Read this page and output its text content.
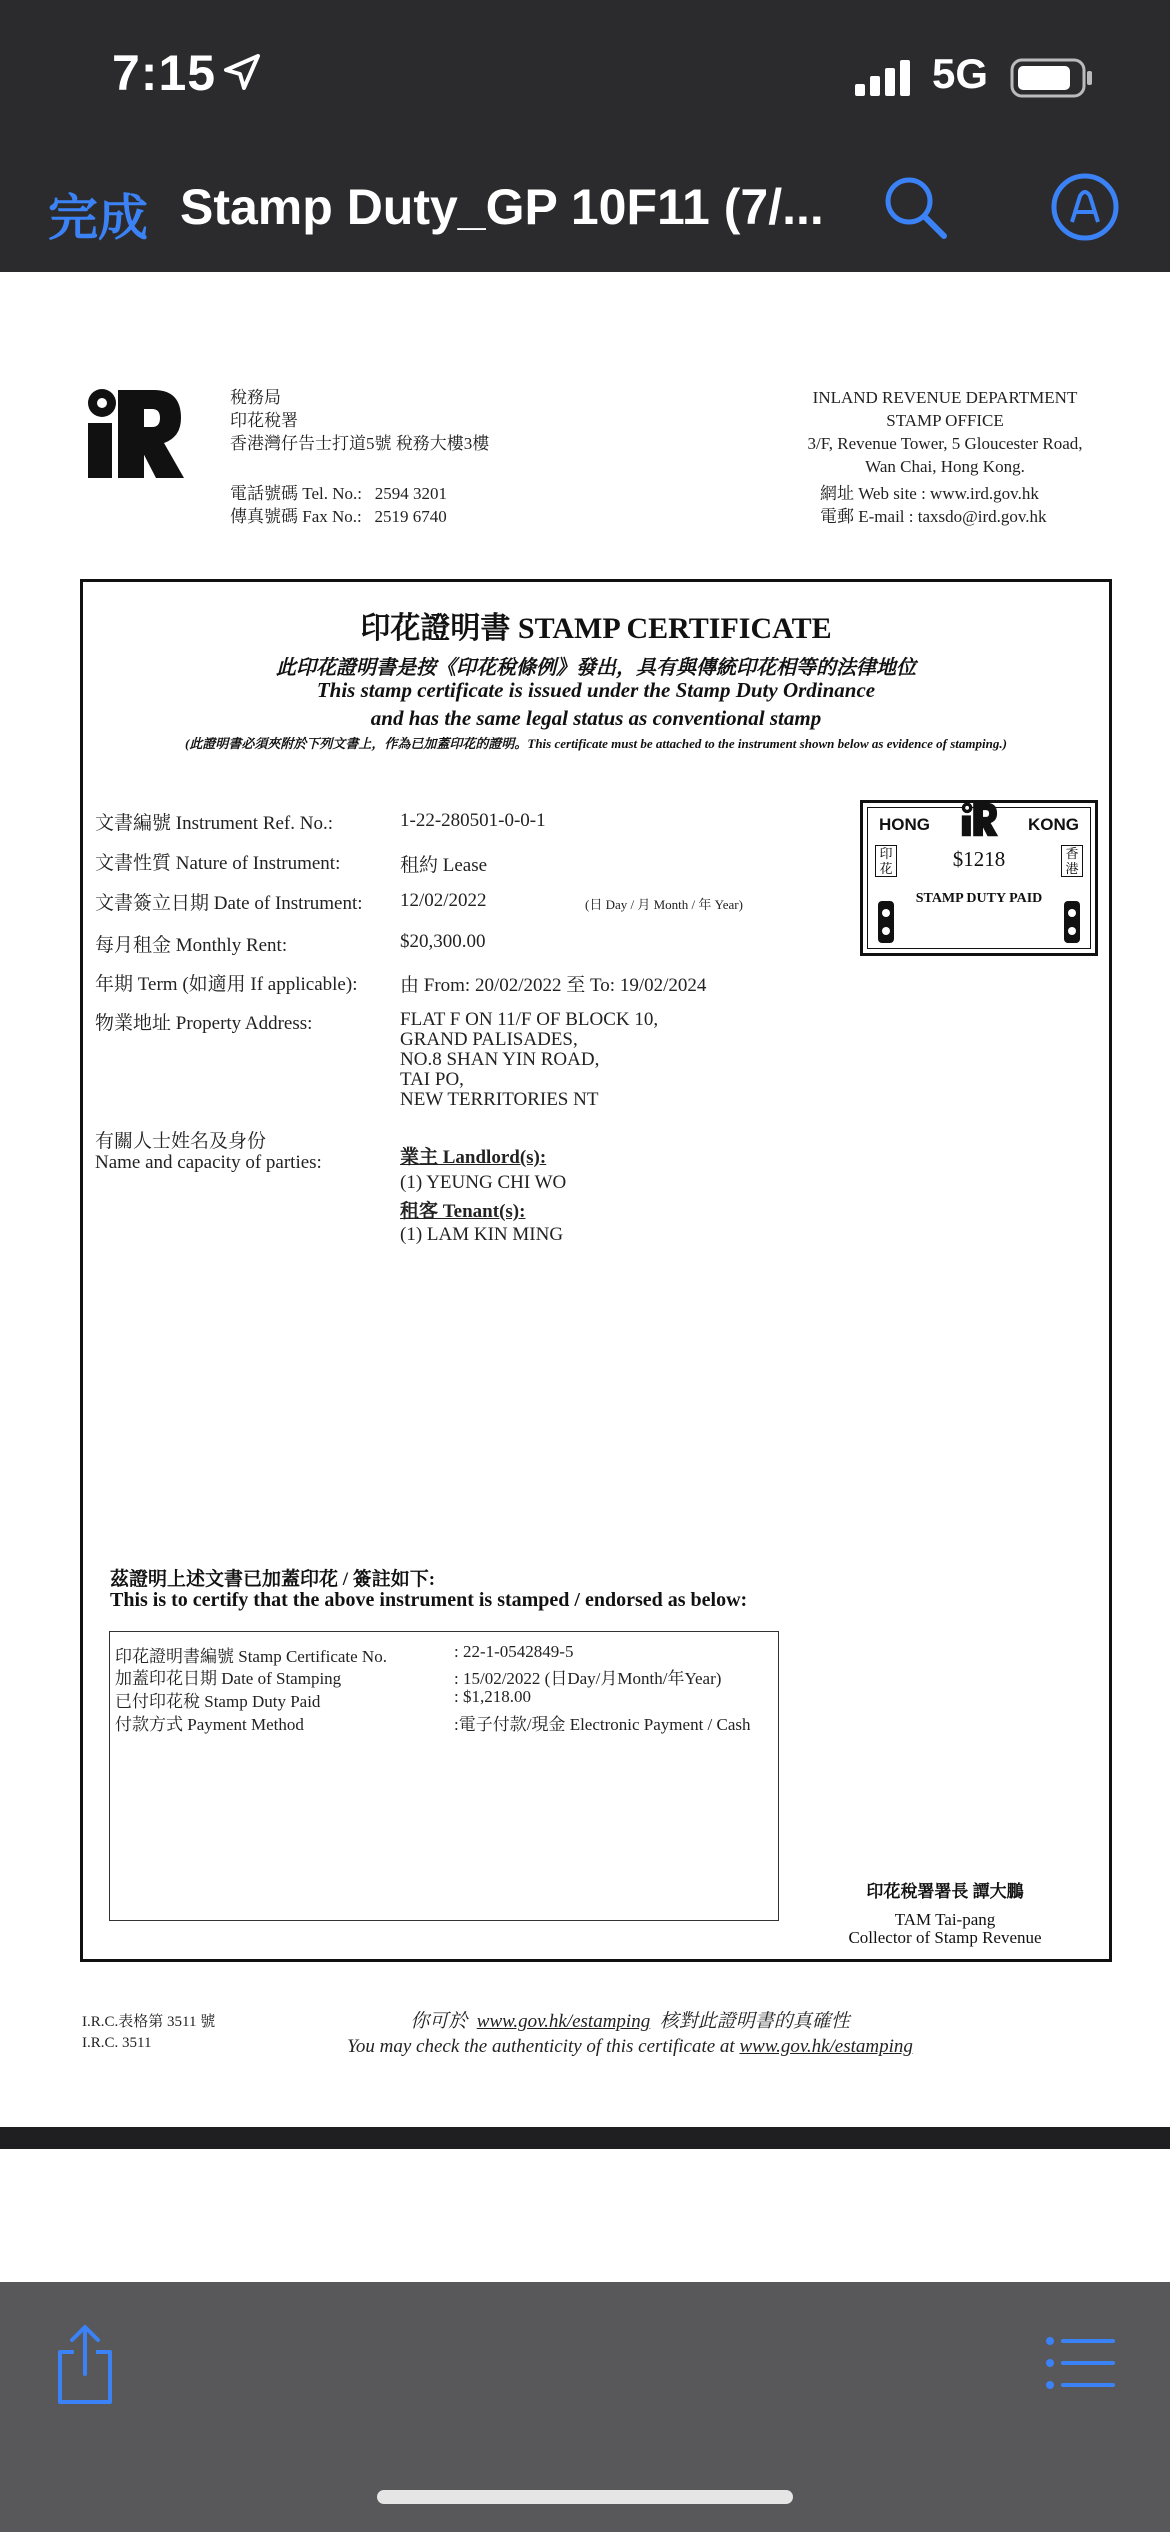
7:15	5G
完成 Stamp Duty_GP 10F11 (7/...
稅務局
印花稅署
香港灣仔告士打道5號 稅務大樓3樓
電話號碼 Tel. No.: 2594 3201
傳真號碼 Fax No.: 2519 6740
INLAND REVENUE DEPARTMENT
STAMP OFFICE
3/F, Revenue Tower, 5 Gloucester Road,
Wan Chai, Hong Kong.
網址 Web site : www.ird.gov.hk
電郵 E-mail : taxsdo@ird.gov.hk
印花證明書 STAMP CERTIFICATE
此印花證明書是按《印花稅條例》發出，具有與傳統印花相等的法律地位
This stamp certificate is issued under the Stamp Duty Ordinance
and has the same legal status as conventional stamp
(此證明書必須夾附於下列文書上，作為已加蓋印花的證明。This certificate must be attached to the instrument shown below as evidence of stamping.)
文書編號 Instrument Ref. No.:	1-22-280501-0-0-1
文書性質 Nature of Instrument:	租約 Lease
文書簽立日期 Date of Instrument: 12/02/2022	(日 Day / 月 Month / 年 Year)
每月租金 Monthly Rent:	$20,300.00
年期 Term (如適用 If applicable): 由 From: 20/02/2022 至 To: 19/02/2024
物業地址 Property Address:	FLAT F ON 11/F OF BLOCK 10,
GRAND PALISADES,
NO.8 SHAN YIN ROAD,
TAI PO,
NEW TERRITORIES NT
有關人士姓名及身份
Name and capacity of parties:	業主 Landlord(s):
(1) YEUNG CHI WO
租客 Tenant(s):
(1) LAM KIN MING
HONG	KONG
印花
香港
$1218
STAMP DUTY PAID
茲證明上述文書已加蓋印花 / 簽註如下:
This is to certify that the above instrument is stamped / endorsed as below:
印花證明書編號 Stamp Certificate No.	: 22-1-0542849-5
加蓋印花日期 Date of Stamping	: 15/02/2022 (日Day/月Month/年Year)
已付印花稅 Stamp Duty Paid	: $1,218.00
付款方式 Payment Method	:電子付款/現金 Electronic Payment / Cash
印花稅署署長 譚大鵬
TAM Tai-pang
Collector of Stamp Revenue
I.R.C.表格第 3511 號
I.R.C. 3511
你可於 www.gov.hk/estamping 核對此證明書的真確性
You may check the authenticity of this certificate at www.gov.hk/estamping
